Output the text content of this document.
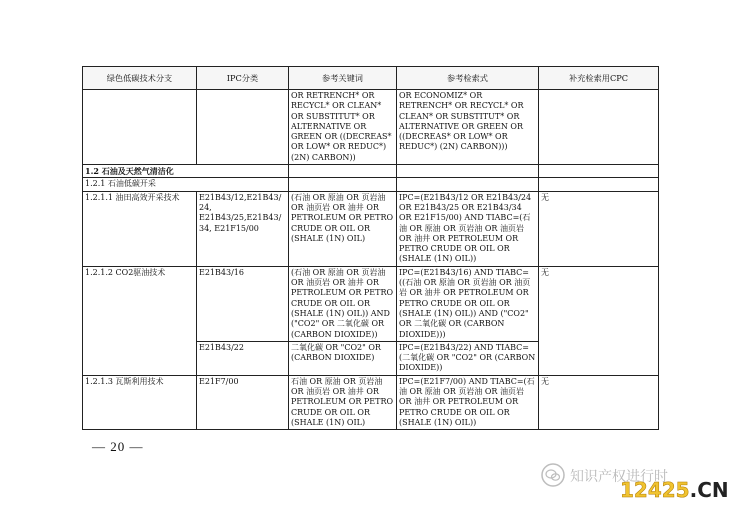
绿色低碳技术分支	IPC分类	参考关键词	参考检索式	补充检索用CPC
		OR RETRENCH* OR RECYCL* OR CLEAN* OR SUBSTITUT* OR ALTERNATIVE OR GREEN OR ((DECREAS* OR LOW* OR REDUC*) (2N) CARBON))	OR ECONOMIZ* OR RETRENCH* OR RECYCL* OR CLEAN* OR SUBSTITUT* OR ALTERNATIVE OR GREEN OR ((DECREAS* OR LOW* OR REDUC*) (2N) CARBON)))	
1.2 石油及天然气清洁化				
1.2.1 石油低碳开采				
1.2.1.1 油田高效开采技术	E21B43/12,E21B43/24, E21B43/25,E21B43/34, E21F15/00	(石油 OR 原油 OR 页岩油 OR 油页岩 OR 油井 OR PETROLEUM OR PETRO CRUDE OR OIL OR (SHALE (1N) OIL)	IPC=(E21B43/12 OR E21B43/24 OR E21B43/25 OR E21B43/34 OR E21F15/00) AND TIABC=(石油 OR 原油 OR 页岩油 OR 油页岩 OR 油井 OR PETROLEUM OR PETRO CRUDE OR OIL OR (SHALE (1N) OIL))	无
1.2.1.2 CO2驱油技术	E21B43/16	(石油 OR 原油 OR 页岩油 OR 油页岩 OR 油井 OR PETROLEUM OR PETRO CRUDE OR OIL OR (SHALE (1N) OIL)) AND ("CO2" OR 二氧化碳 OR (CARBON DIOXIDE))	IPC=(E21B43/16) AND TIABC=((石油 OR 原油 OR 页岩油 OR 油页岩 OR 油井 OR PETROLEUM OR PETRO CRUDE OR OIL OR (SHALE (1N) OIL)) AND ("CO2" OR 二氧化碳 OR (CARBON DIOXIDE)))	无
	E21B43/22	二氧化碳 OR "CO2" OR (CARBON DIOXIDE)	IPC=(E21B43/22) AND TIABC=(二氧化碳 OR "CO2" OR (CARBON DIOXIDE))	
1.2.1.3 瓦斯利用技术	E21F7/00	石油 OR 原油 OR 页岩油 OR 油页岩 OR 油井 OR PETROLEUM OR PETRO CRUDE OR OIL OR (SHALE (1N) OIL)	IPC=(E21F7/00) AND TIABC=(石油 OR 原油 OR 页岩油 OR 油页岩 OR 油井 OR PETROLEUM OR PETRO CRUDE OR OIL OR (SHALE (1N) OIL))	无
— 20 —
知识产权进行时
12425.CN
